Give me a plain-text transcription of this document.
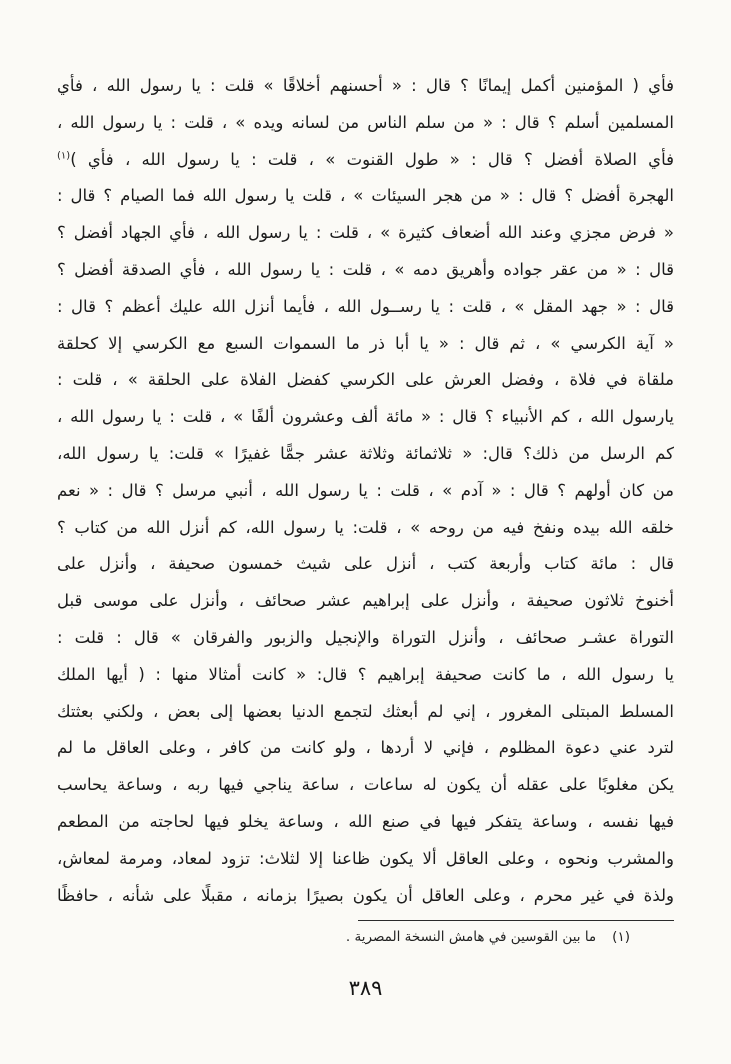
فأي ( المؤمنين أكمل إيمانًا ؟ قال : « أحسنهم أخلاقًا » قلت : يا رسول الله ، فأي
المسلمين أسلم ؟ قال : « من سلم الناس من لسانه ويده » ، قلت : يا رسول الله ،
فأي الصلاة أفضل ؟ قال : « طول القنوت » ، قلت : يا رسول الله ، فأي )$^{(١)}$
الهجرة أفضل ؟ قال : « من هجر السيئات » ، قلت يا رسول الله فما الصيام ؟ قال :
« فرض مجزي وعند الله أضعاف كثيرة » ، قلت : يا رسول الله ، فأي الجهاد أفضل ؟
قال : « من عقر جواده وأهريق دمه » ، قلت : يا رسول الله ، فأي الصدقة أفضل ؟
قال : « جهد المقل » ، قلت : يا رســول الله ، فأيما أنزل الله عليك أعظم ؟ قال :
« آية الكرسي » ، ثم قال : « يا أبا ذر ما السموات السبع مع الكرسي إلا كحلقة
ملقاة في فلاة ، وفضل العرش على الكرسي كفضل الفلاة على الحلقة » ، قلت :
يارسول الله ، كم الأنبياء ؟ قال : « مائة ألف وعشرون ألفًا » ، قلت : يا رسول الله ،
كم الرسل من ذلك؟ قال: « ثلاثمائة وثلاثة عشر جمًّا غفيرًا » قلت: يا رسول الله،
من كان أولهم ؟ قال : « آدم » ، قلت : يا رسول الله ، أنبي مرسل ؟ قال : « نعم
خلقه الله بيده ونفخ فيه من روحه » ، قلت: يا رسول الله، كم أنزل الله من كتاب ؟
قال : مائة كتاب وأربعة كتب ، أنزل على شيث خمسون صحيفة ، وأنزل على
أخنوخ ثلاثون صحيفة ، وأنزل على إبراهيم عشر صحائف ، وأنزل على موسى قبل
التوراة عشـر صحائف ، وأنزل التوراة والإنجيل والزبور والفرقان » قال : قلت :
يا رسول الله ، ما كانت صحيفة إبراهيم ؟ قال: « كانت أمثالا منها : ( أيها الملك
المسلط المبتلى المغرور ، إني لم أبعثك لتجمع الدنيا بعضها إلى بعض ، ولكني بعثتك
لترد عني دعوة المظلوم ، فإني لا أردها ، ولو كانت من كافر ، وعلى العاقل ما لم
يكن مغلوبًا على عقله أن يكون له ساعات ، ساعة يناجي فيها ربه ، وساعة يحاسب
فيها نفسه ، وساعة يتفكر فيها في صنع الله ، وساعة يخلو فيها لحاجته من المطعم
والمشرب ونحوه ، وعلى العاقل ألا يكون ظاعنا إلا لثلاث: تزود لمعاد، ومرمة لمعاش،
ولذة في غير محرم ، وعلى العاقل أن يكون بصيرًا بزمانه ، مقبلًا على شأنه ، حافظًا
(١)ما بين القوسين في هامش النسخة المصرية .
٣٨٩
